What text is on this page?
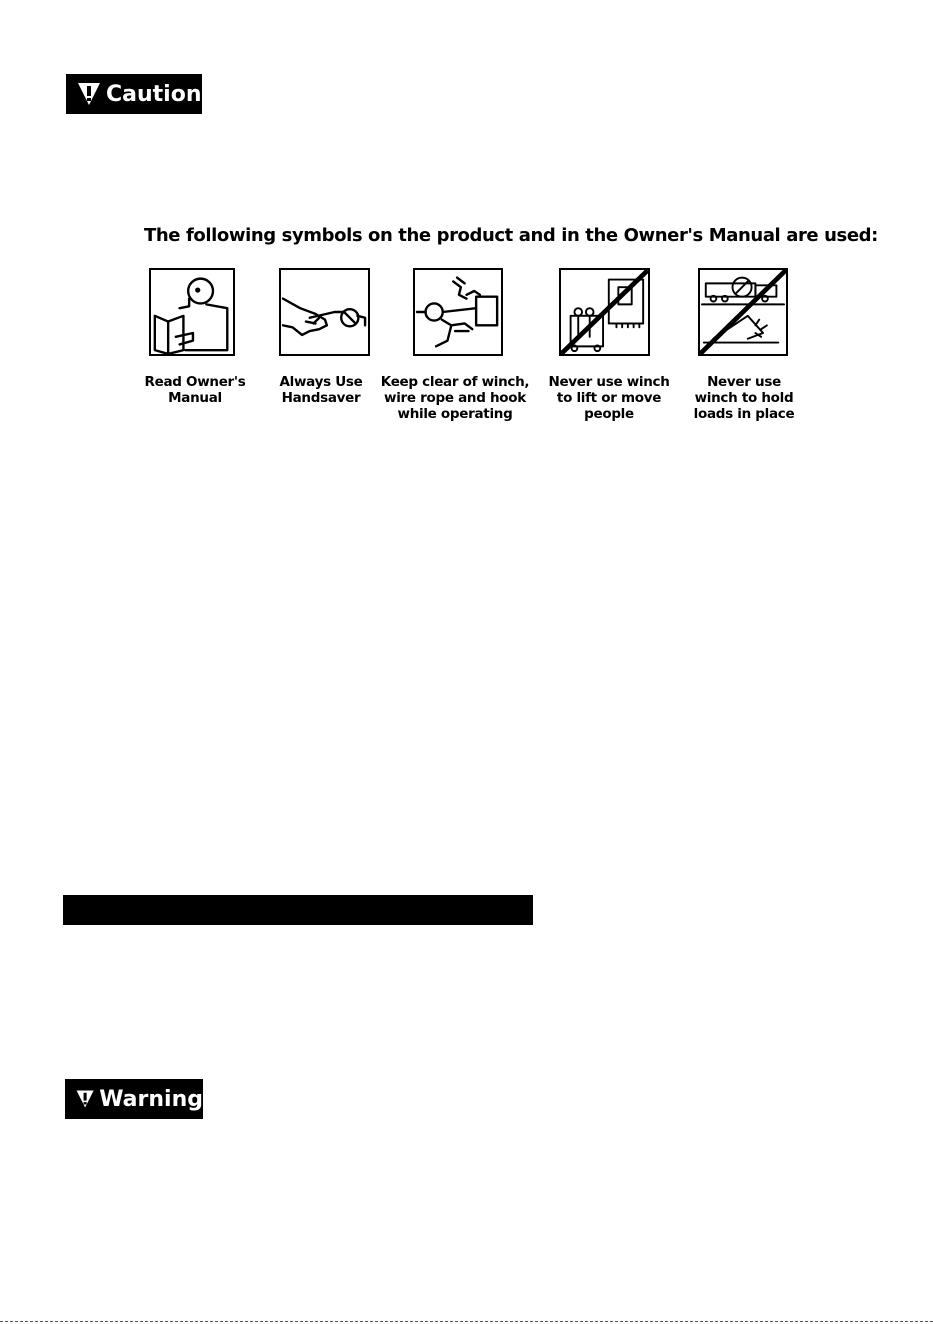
Caution
The following symbols on the product and in the Owner's Manual are used:
Read Owner's
Manual
Always Use
Handsaver
Keep clear of winch,
wire rope and hook
while operating
Never use winch
to lift or move
people
Never use
winch to hold
loads in place
Warning
